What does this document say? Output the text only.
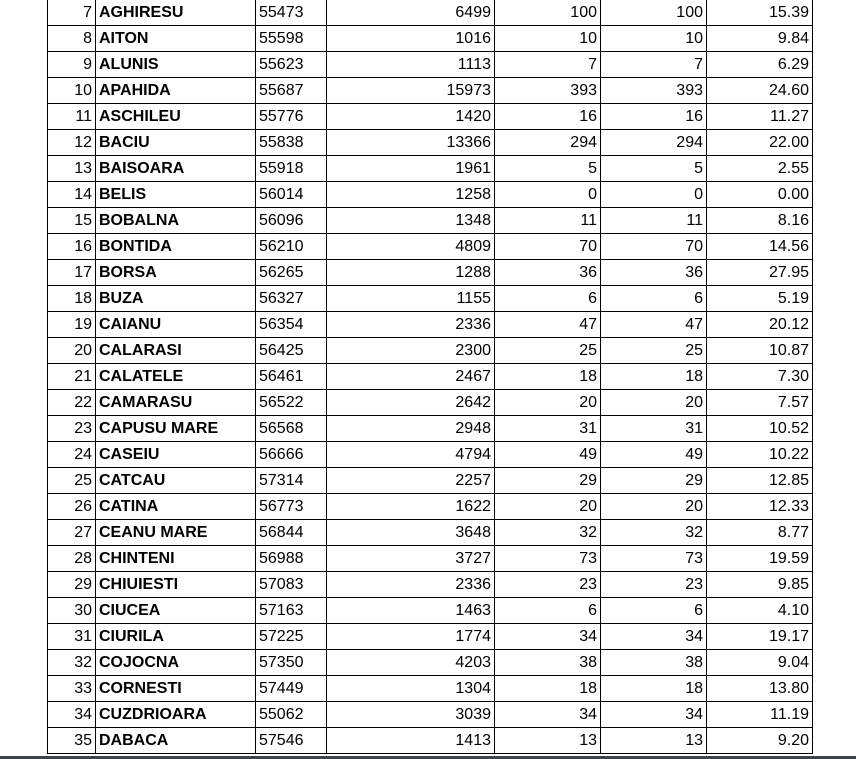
7	AGHIRESU	55473	6499	100	100	15.39
8	AITON	55598	1016	10	10	9.84
9	ALUNIS	55623	1113	7	7	6.29
10	APAHIDA	55687	15973	393	393	24.60
11	ASCHILEU	55776	1420	16	16	11.27
12	BACIU	55838	13366	294	294	22.00
13	BAISOARA	55918	1961	5	5	2.55
14	BELIS	56014	1258	0	0	0.00
15	BOBALNA	56096	1348	11	11	8.16
16	BONTIDA	56210	4809	70	70	14.56
17	BORSA	56265	1288	36	36	27.95
18	BUZA	56327	1155	6	6	5.19
19	CAIANU	56354	2336	47	47	20.12
20	CALARASI	56425	2300	25	25	10.87
21	CALATELE	56461	2467	18	18	7.30
22	CAMARASU	56522	2642	20	20	7.57
23	CAPUSU MARE	56568	2948	31	31	10.52
24	CASEIU	56666	4794	49	49	10.22
25	CATCAU	57314	2257	29	29	12.85
26	CATINA	56773	1622	20	20	12.33
27	CEANU MARE	56844	3648	32	32	8.77
28	CHINTENI	56988	3727	73	73	19.59
29	CHIUIESTI	57083	2336	23	23	9.85
30	CIUCEA	57163	1463	6	6	4.10
31	CIURILA	57225	1774	34	34	19.17
32	COJOCNA	57350	4203	38	38	9.04
33	CORNESTI	57449	1304	18	18	13.80
34	CUZDRIOARA	55062	3039	34	34	11.19
35	DABACA	57546	1413	13	13	9.20
